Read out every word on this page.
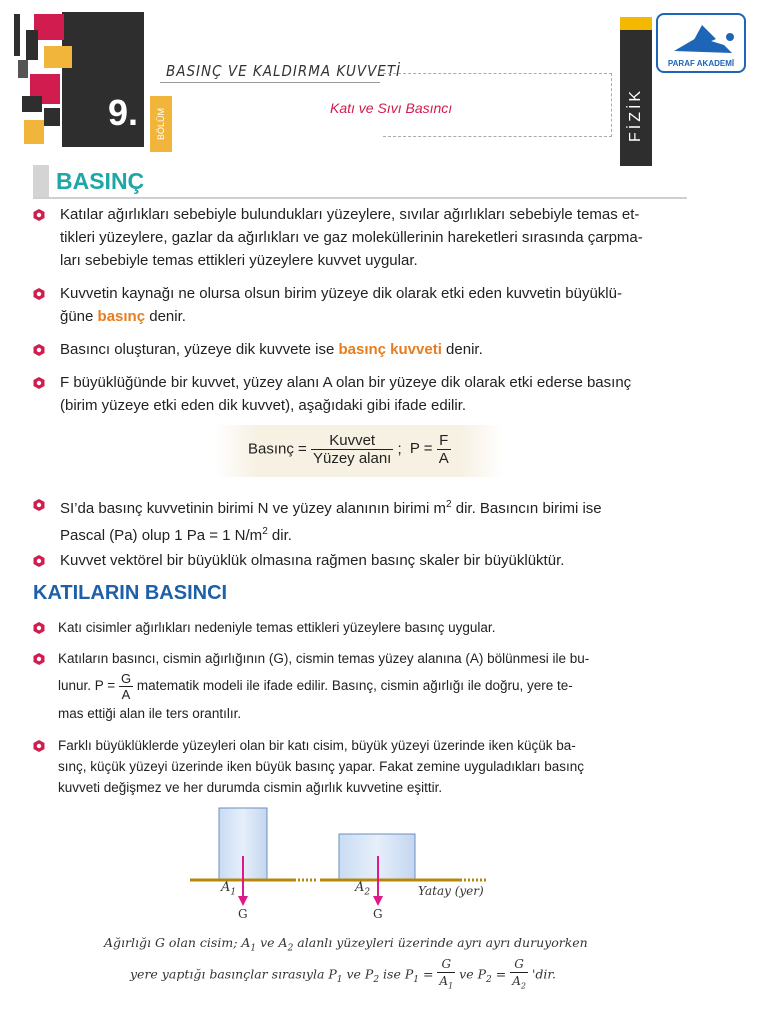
9.	BÖLÜM
BASINÇ VE KALDIRMA KUVVETİ
Katı ve Sıvı Basıncı	FİZİK
PARAF AKADEMİ
BASINÇ
Katılar ağırlıkları sebebiyle bulundukları yüzeylere, sıvılar ağırlıkları sebebiyle temas et-
tikleri yüzeylere, gazlar da ağırlıkları ve gaz moleküllerinin hareketleri sırasında çarpma-
ları sebebiyle temas ettikleri yüzeylere kuvvet uygular.
Kuvvetin kaynağı ne olursa olsun birim yüzeye dik olarak etki eden kuvvetin büyüklü-
ğüne basınç denir.
Basıncı oluşturan, yüzeye dik kuvvete ise basınç kuvveti denir.
F büyüklüğünde bir kuvvet, yüzey alanı A olan bir yüzeye dik olarak etki ederse basınç
(birim yüzeye etki eden dik kuvvet), aşağıdaki gibi ifade edilir.
Basınç = $\frac{\text{Kuvvet}}{\text{Yüzey alanı}}$ ; $P = \frac{F}{A}$
SI’da basınç kuvvetinin birimi N ve yüzey alanının birimi $m^2$ dir. Basıncın birimi ise
Pascal (Pa) olup 1 Pa = 1 $N/m^2$ dir.
Kuvvet vektörel bir büyüklük olmasına rağmen basınç skaler bir büyüklüktür.
KATILARIN BASINCI
Katı cisimler ağırlıkları nedeniyle temas ettikleri yüzeylere basınç uygular.
Katıların basıncı, cismin ağırlığının (G), cismin temas yüzey alanına (A) bölünmesi ile bu-
lunur. $P = \frac{G}{A}$ matematik modeli ile ifade edilir. Basınç, cismin ağırlığı ile doğru, yere te-
mas ettiği alan ile ters orantılır.
Farklı büyüklüklerde yüzeyleri olan bir katı cisim, büyük yüzeyi üzerinde iken küçük ba-
sınç, küçük yüzeyi üzerinde iken büyük basınç yapar. Fakat zemine uyguladıkları basınç
kuvveti değişmez ve her durumda cismin ağırlık kuvvetine eşittir.
$A_1$	$A_2$	Yatay (yer)
G	G
Ağırlığı G olan cisim; $A_1$ ve $A_2$ alanlı yüzeyleri üzerinde ayrı ayrı duruyorken
yere yaptığı basınçlar sırasıyla $P_1$ ve $P_2$ ise $P_1 = \frac{G}{A_1}$ ve $P_2 = \frac{G}{A_2}$ 'dir.
